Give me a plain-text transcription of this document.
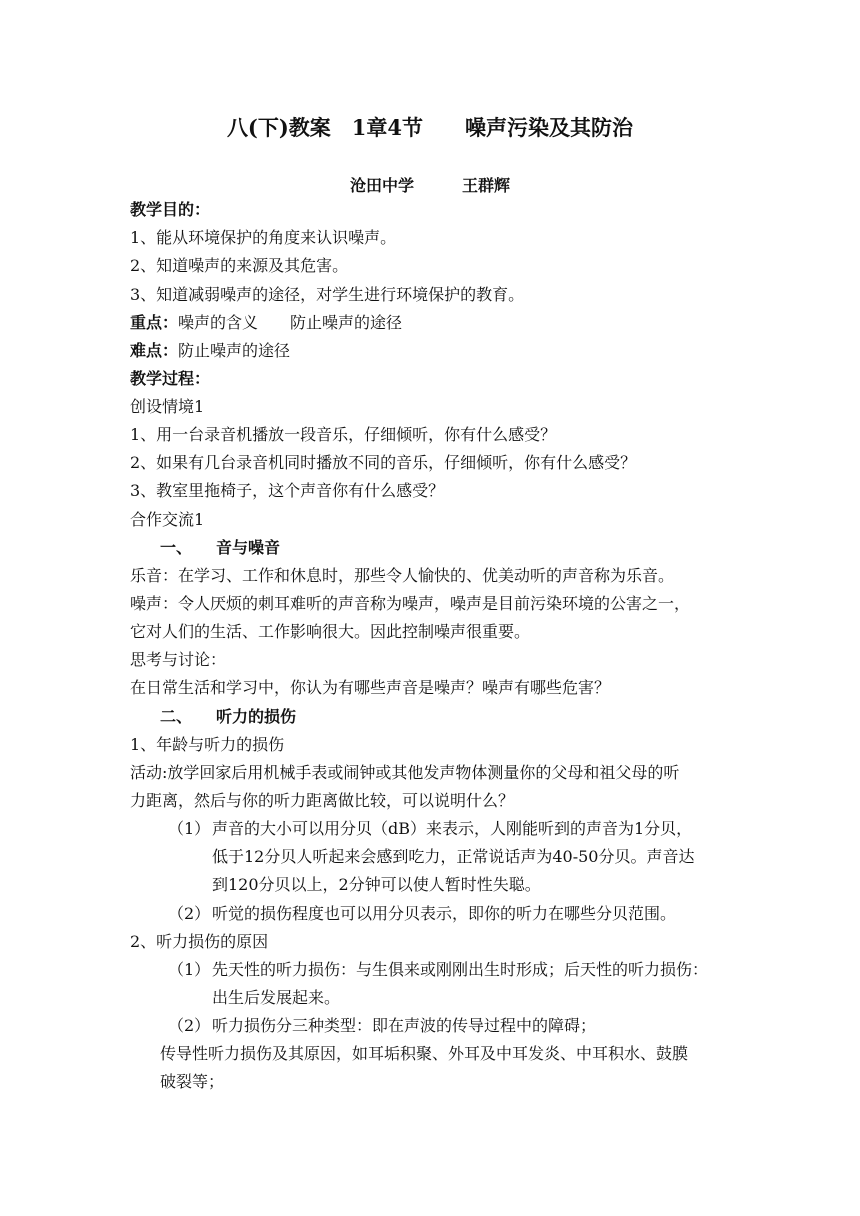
八(下)教案　1章4节　　噪声污染及其防治
沧田中学　　　王群辉
教学目的：
1、能从环境保护的角度来认识噪声。
2、知道噪声的来源及其危害。
3、知道减弱噪声的途径，对学生进行环境保护的教育。
重点：噪声的含义　　防止噪声的途径
难点：防止噪声的途径
教学过程：
创设情境1
1、用一台录音机播放一段音乐，仔细倾听，你有什么感受？
2、如果有几台录音机同时播放不同的音乐，仔细倾听，你有什么感受？
3、教室里拖椅子，这个声音你有什么感受？
合作交流1
一、　　音与噪音
乐音：在学习、工作和休息时，那些令人愉快的、优美动听的声音称为乐音。
噪声：令人厌烦的刺耳难听的声音称为噪声，噪声是目前污染环境的公害之一，
它对人们的生活、工作影响很大。因此控制噪声很重要。
思考与讨论：
在日常生活和学习中，你认为有哪些声音是噪声？噪声有哪些危害？
二、　　听力的损伤
1、年龄与听力的损伤
活动:放学回家后用机械手表或闹钟或其他发声物体测量你的父母和祖父母的听
力距离，然后与你的听力距离做比较，可以说明什么？
（1） 声音的大小可以用分贝（dB）来表示，人刚能听到的声音为1分贝，
低于12分贝人听起来会感到吃力，正常说话声为40-50分贝。声音达
到120分贝以上，2分钟可以使人暂时性失聪。
（2） 听觉的损伤程度也可以用分贝表示，即你的听力在哪些分贝范围。
2、听力损伤的原因
（1） 先天性的听力损伤：与生俱来或刚刚出生时形成；后天性的听力损伤：
出生后发展起来。
（2） 听力损伤分三种类型：即在声波的传导过程中的障碍；
传导性听力损伤及其原因，如耳垢积聚、外耳及中耳发炎、中耳积水、鼓膜
破裂等；
